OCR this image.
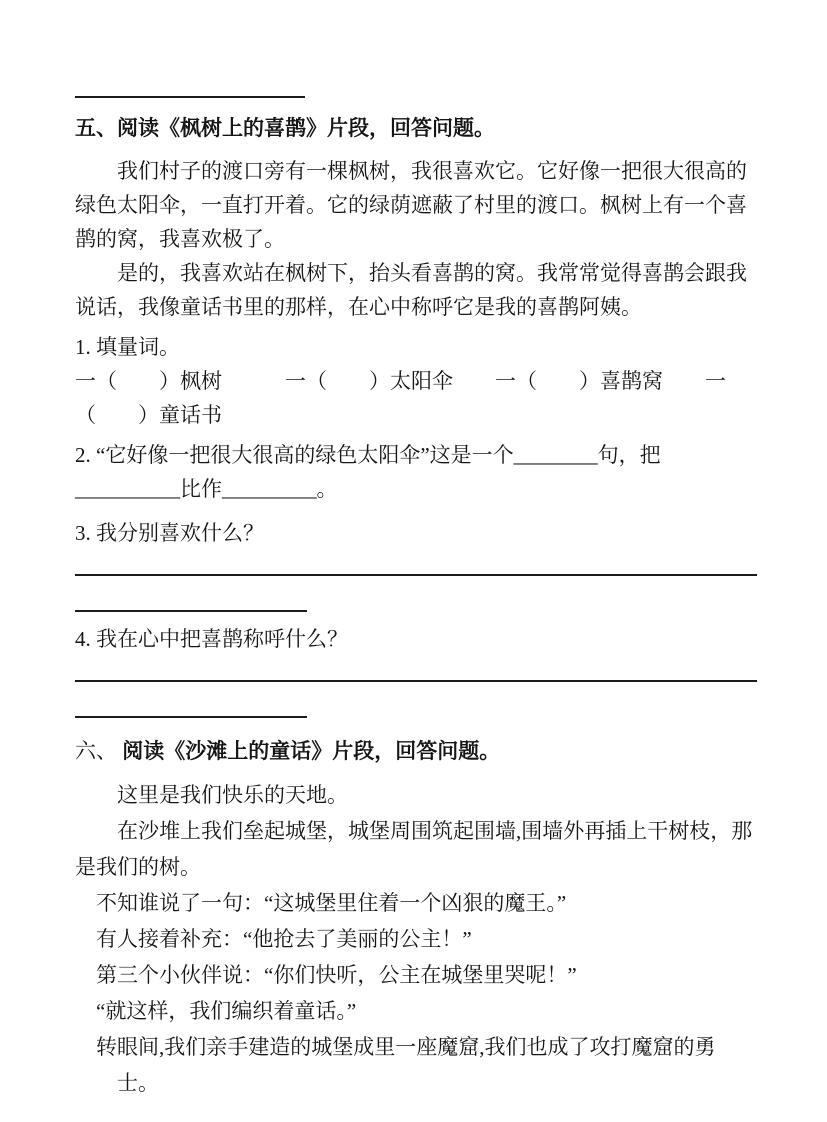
五、阅读《枫树上的喜鹊》片段，回答问题。

我们村子的渡口旁有一棵枫树，我很喜欢它。它好像一把很大很高的绿色太阳伞，一直打开着。它的绿荫遮蔽了村里的渡口。枫树上有一个喜鹊的窝，我喜欢极了。

是的，我喜欢站在枫树下，抬头看喜鹊的窝。我常常觉得喜鹊会跟我说话，我像童话书里的那样，在心中称呼它是我的喜鹊阿姨。

1. 填量词。

一（　　）枫树　　　一（　　）太阳伞　　一（　　）喜鹊窝　　一

（　　）童话书

2. “它好像一把很大很高的绿色太阳伞”这是一个________句，把

__________比作_________。

3. 我分别喜欢什么？

4. 我在心中把喜鹊称呼什么？

六、 阅读《沙滩上的童话》片段，回答问题。

这里是我们快乐的天地。

在沙堆上我们垒起城堡，城堡周围筑起围墙,围墙外再插上干树枝，那是我们的树。

不知谁说了一句：“这城堡里住着一个凶狠的魔王。”

有人接着补充：“他抢去了美丽的公主！”

第三个小伙伴说：“你们快听，公主在城堡里哭呢！”

“就这样，我们编织着童话。”

转眼间,我们亲手建造的城堡成里一座魔窟,我们也成了攻打魔窟的勇士。
